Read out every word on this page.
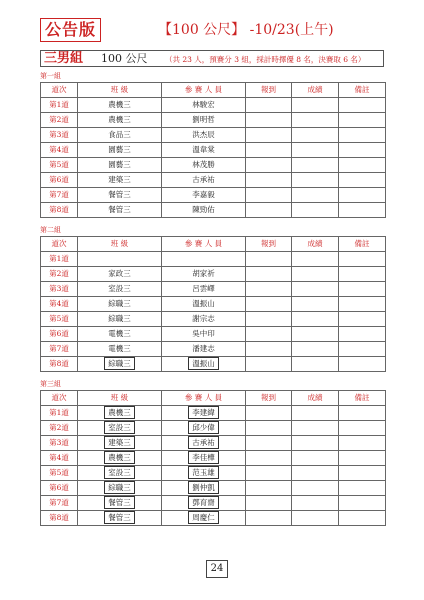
公告版	【100 公尺】 -10/23(上午)
三男組 100 公尺 （共 23 人，預賽分 3 組，採計時擇優 8 名，決賽取 6 名）
第一組
道次	班 級	參 賽 人 員	報到	成績	備註
第1道	農機三	林駿宏			
第2道	農機三	劉明哲			
第3道	食品三	洪杰辰			
第4道	園藝三	溫韋棠			
第5道	園藝三	林茂勝			
第6道	建築三	古承祐			
第7道	餐管三	李嘉毅			
第8道	餐管三	陳勁佑			
第二組
道次	班 級	參 賽 人 員	報到	成績	備註
第1道					
第2道	家政三	胡家祈			
第3道	室設三	呂雲嶧			
第4道	綜職三	溫振山			
第5道	綜職三	謝宗志			
第6道	電機三	吳中印			
第7道	電機三	潘建志			
第8道	綜職三	溫振山			
第三組
道次	班 級	參 賽 人 員	報到	成績	備註
第1道	農機三	李建緯			
第2道	室設三	邱少偉			
第3道	建築三	古承祐			
第4道	農機三	李佳樺			
第5道	室設三	范玉雄			
第6道	綜職三	劉仲凱			
第7道	餐管三	鄧育齋			
第8道	餐管三	周慶仁			
24
